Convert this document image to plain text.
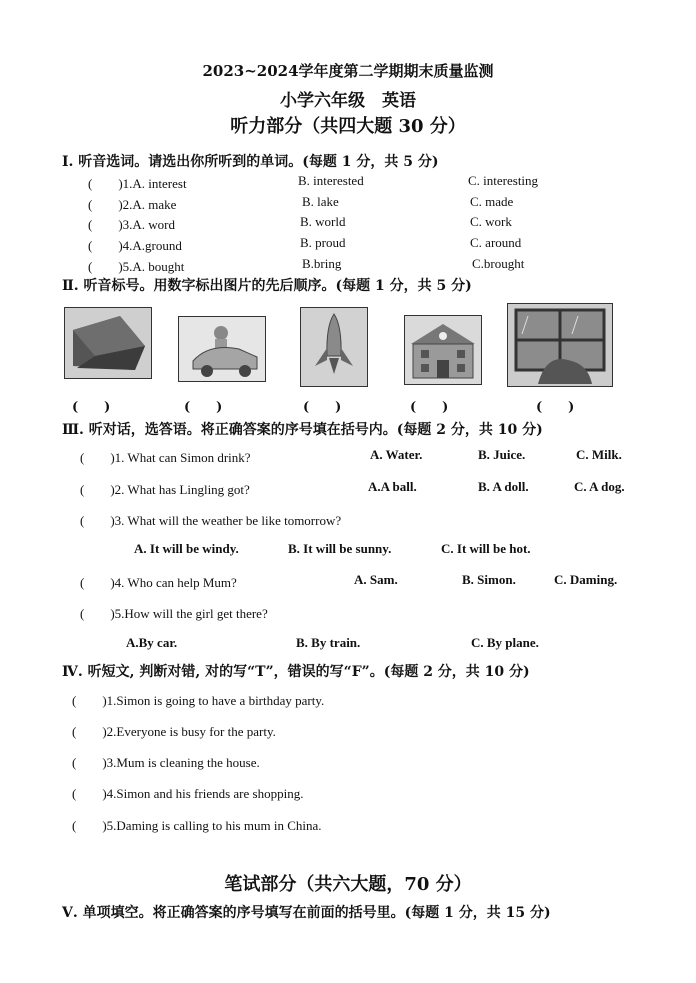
2023~2024学年度第二学期期末质量监测
小学六年级　英语
听力部分（共四大题 30 分）
Ⅰ. 听音选词。请选出你所听到的单词。(每题 1 分，共 5 分)
(　　)1.A. interest	B. interested	C. interesting
(　　)2.A. make	B. lake	C. made
(　　)3.A. word	B. world	C. work
(　　)4.A.ground	B. proud	C. around
(　　)5.A. bought	B.bring	C.brought
Ⅱ. 听音标号。用数字标出图片的先后顺序。(每题 1 分，共 5 分)
(　　)	(　　)	(　　)	(　　)	(　　)
Ⅲ. 听对话，选答语。将正确答案的序号填在括号内。(每题 2 分，共 10 分)
(　　)1. What can Simon drink?	A. Water.	B. Juice.	C. Milk.
(　　)2. What has Lingling got?	A.A ball.	B. A doll.	C. A dog.
(　　)3. What will the weather be like tomorrow?
A. It will be windy.	B. It will be sunny.	C. It will be hot.
(　　)4. Who can help Mum?	A. Sam.	B. Simon.	C. Daming.
(　　)5.How will the girl get there?
A.By car.	B. By train.	C. By plane.
Ⅳ. 听短文, 判断对错, 对的写“T”，错误的写“F”。(每题 2 分，共 10 分)
(　　)1.Simon is going to have a birthday party.
(　　)2.Everyone is busy for the party.
(　　)3.Mum is cleaning the house.
(　　)4.Simon and his friends are shopping.
(　　)5.Daming is calling to his mum in China.
笔试部分（共六大题，70 分）
Ⅴ. 单项填空。将正确答案的序号填写在前面的括号里。(每题 1 分，共 15 分)
